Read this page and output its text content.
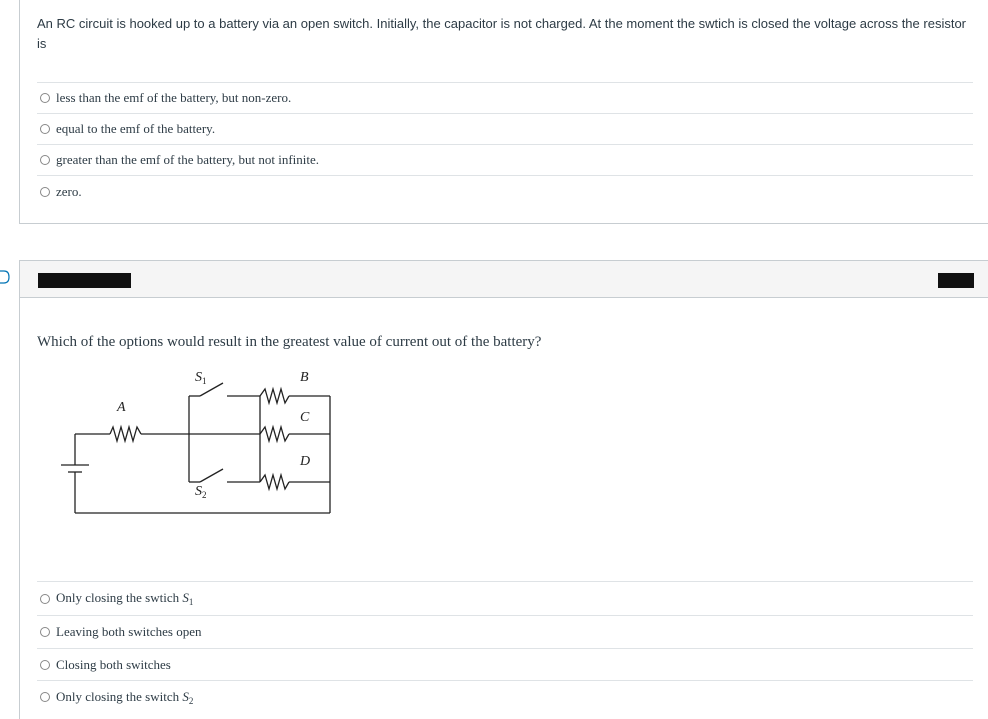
An RC circuit is hooked up to a battery via an open switch. Initially, the capacitor is not charged. At the moment the swtich is closed the voltage across the resistor is
less than the emf of the battery, but non-zero.
equal to the emf of the battery.
greater than the emf of the battery, but not infinite.
zero.
Which of the options would result in the greatest value of current out of the battery?
A
B
C
D
$S_1$
$S_2$
Only closing the swtich $S_1$
Leaving both switches open
Closing both switches
Only closing the switch $S_2$
